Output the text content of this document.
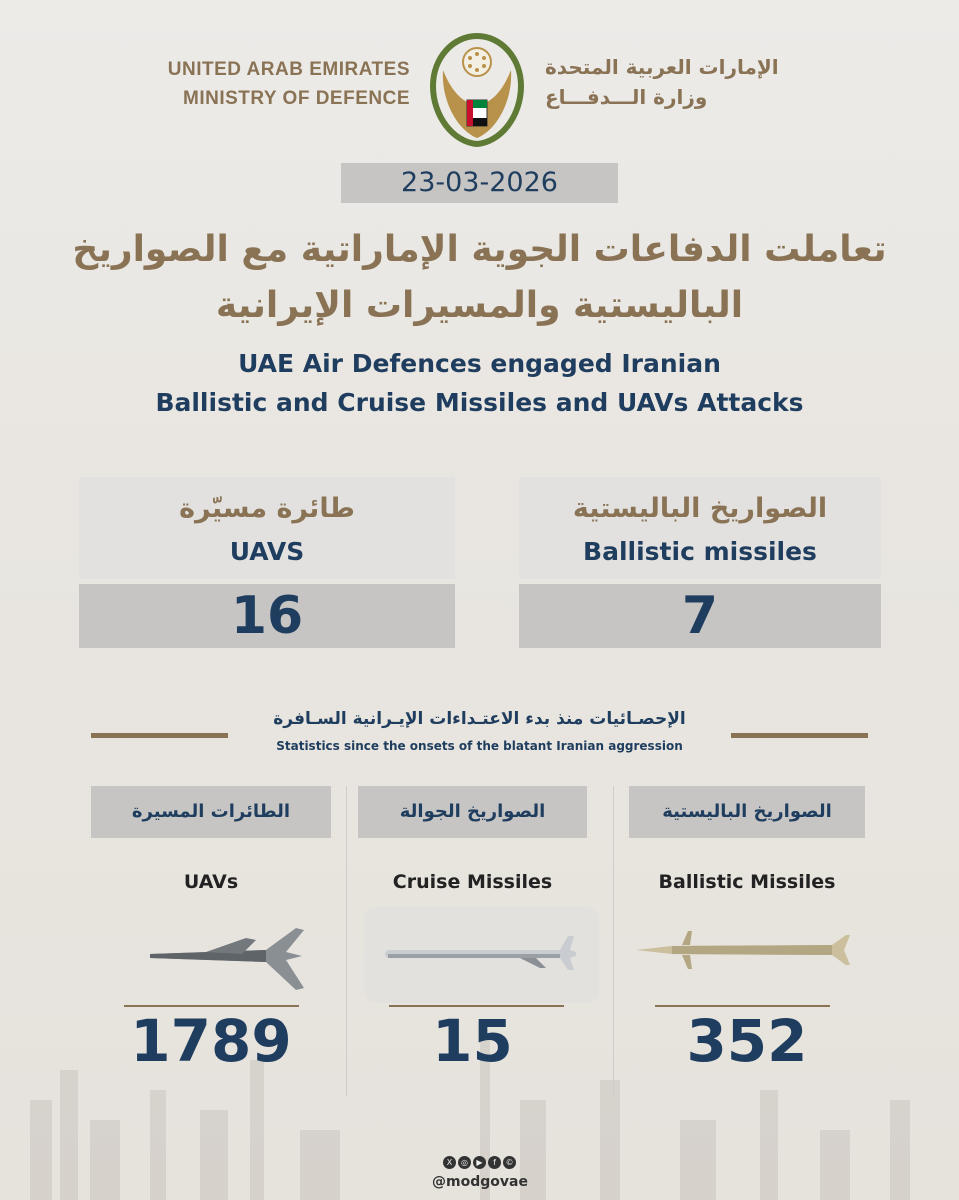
UNITED ARAB EMIRATES
MINISTRY OF DEFENCE
الإمارات العربية المتحدة
وزارة الـــدفـــاع
23-03-2026
تعاملت الدفاعات الجوية الإماراتية مع الصواريخ
الباليستية والمسيرات الإيرانية
UAE Air Defences engaged Iranian
Ballistic and Cruise Missiles and UAVs Attacks
طائرة مسيّرة
UAVS
16
الصواريخ الباليستية
Ballistic missiles
7
الإحصـائيات منذ بدء الاعتـداءات الإيـرانية السـافرة
Statistics since the onsets of the blatant Iranian aggression
الطائرات المسيرة
UAVs
1789
الصواريخ الجوالة
Cruise Missiles
15
الصواريخ الباليستية
Ballistic Missiles
352
X ◎ ▶ f ©
@modgovae
